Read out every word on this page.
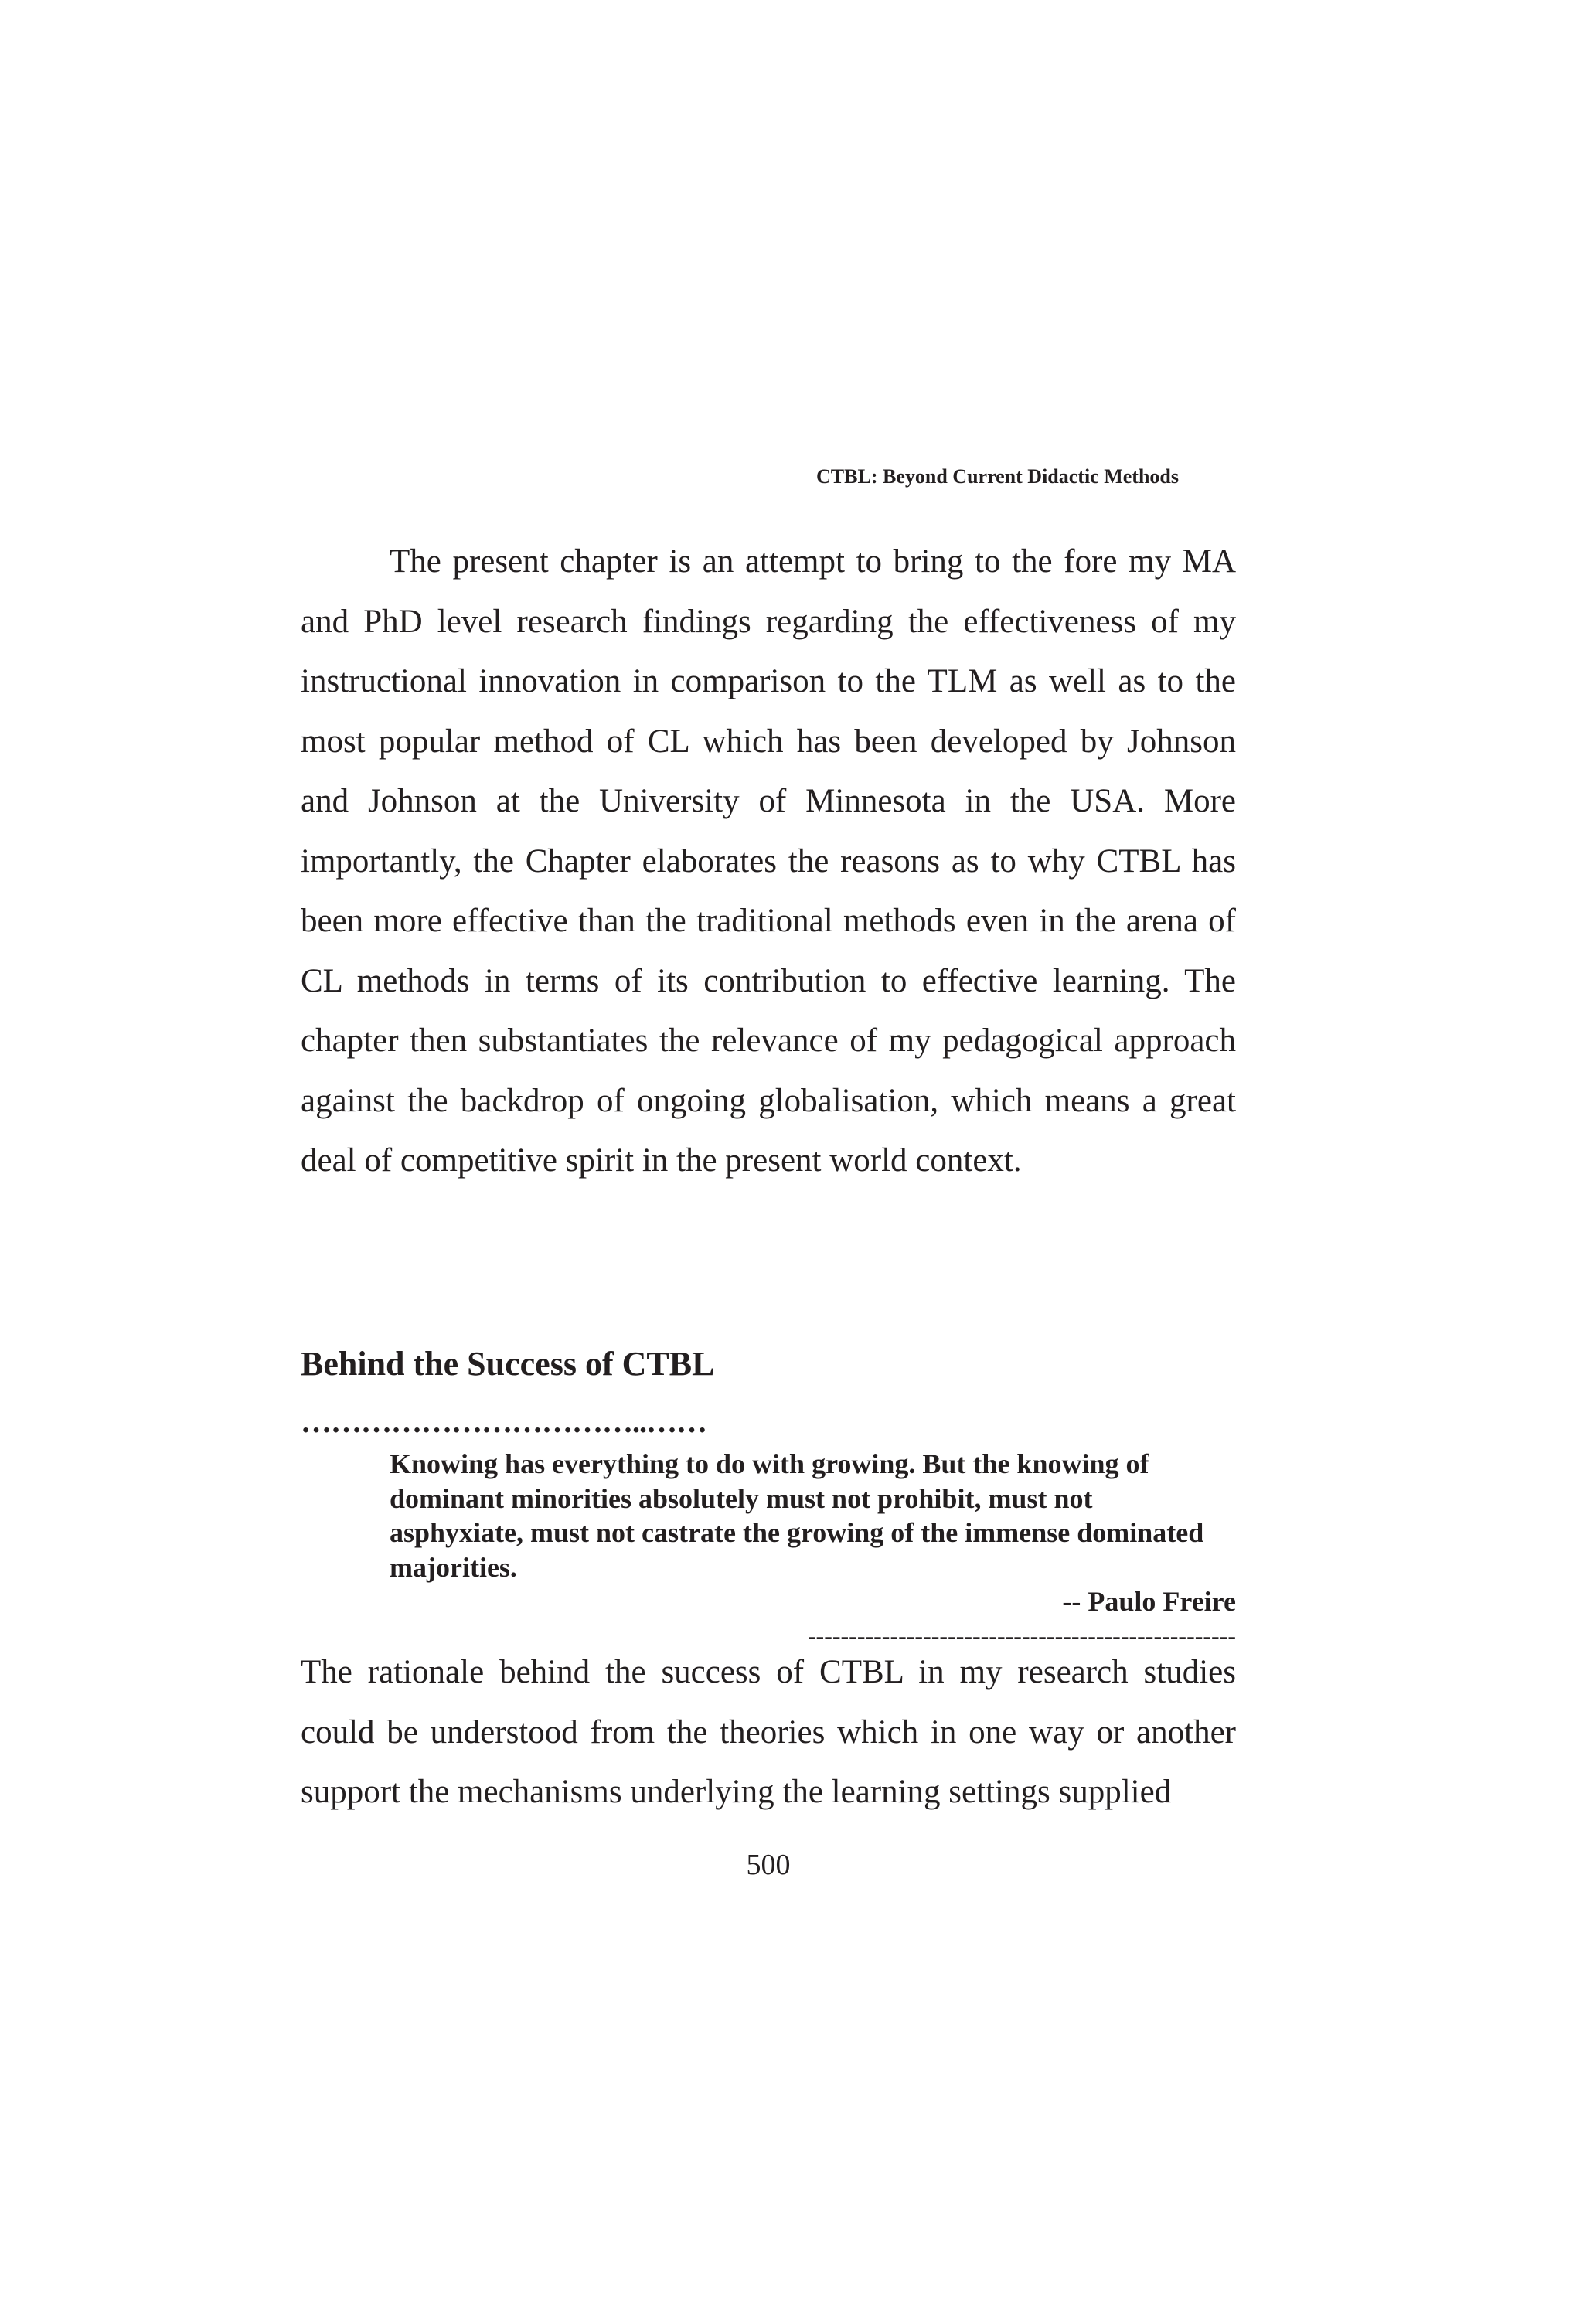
CTBL: Beyond Current Didactic Methods

The present chapter is an attempt to bring to the fore my MA and PhD level research findings regarding the effectiveness of my instructional innovation in comparison to the TLM as well as to the most popular method of CL which has been developed by Johnson and Johnson at the University of Minnesota in the USA. More importantly, the Chapter elaborates the reasons as to why CTBL has been more effective than the traditional methods even in the arena of CL methods in terms of its contribution to effective learning. The chapter then substantiates the relevance of my pedagogical approach against the backdrop of ongoing globalisation, which means a great deal of competitive spirit in the present world context.

Behind the Success of CTBL
……………………………..……
Knowing has everything to do with growing. But the knowing of dominant minorities absolutely must not prohibit, must not asphyxiate, must not castrate the growing of the immense dominated majorities.
-- Paulo Freire
----------------------------------------------------

The rationale behind the success of CTBL in my research studies could be understood from the theories which in one way or another support the mechanisms underlying the learning settings supplied

500
